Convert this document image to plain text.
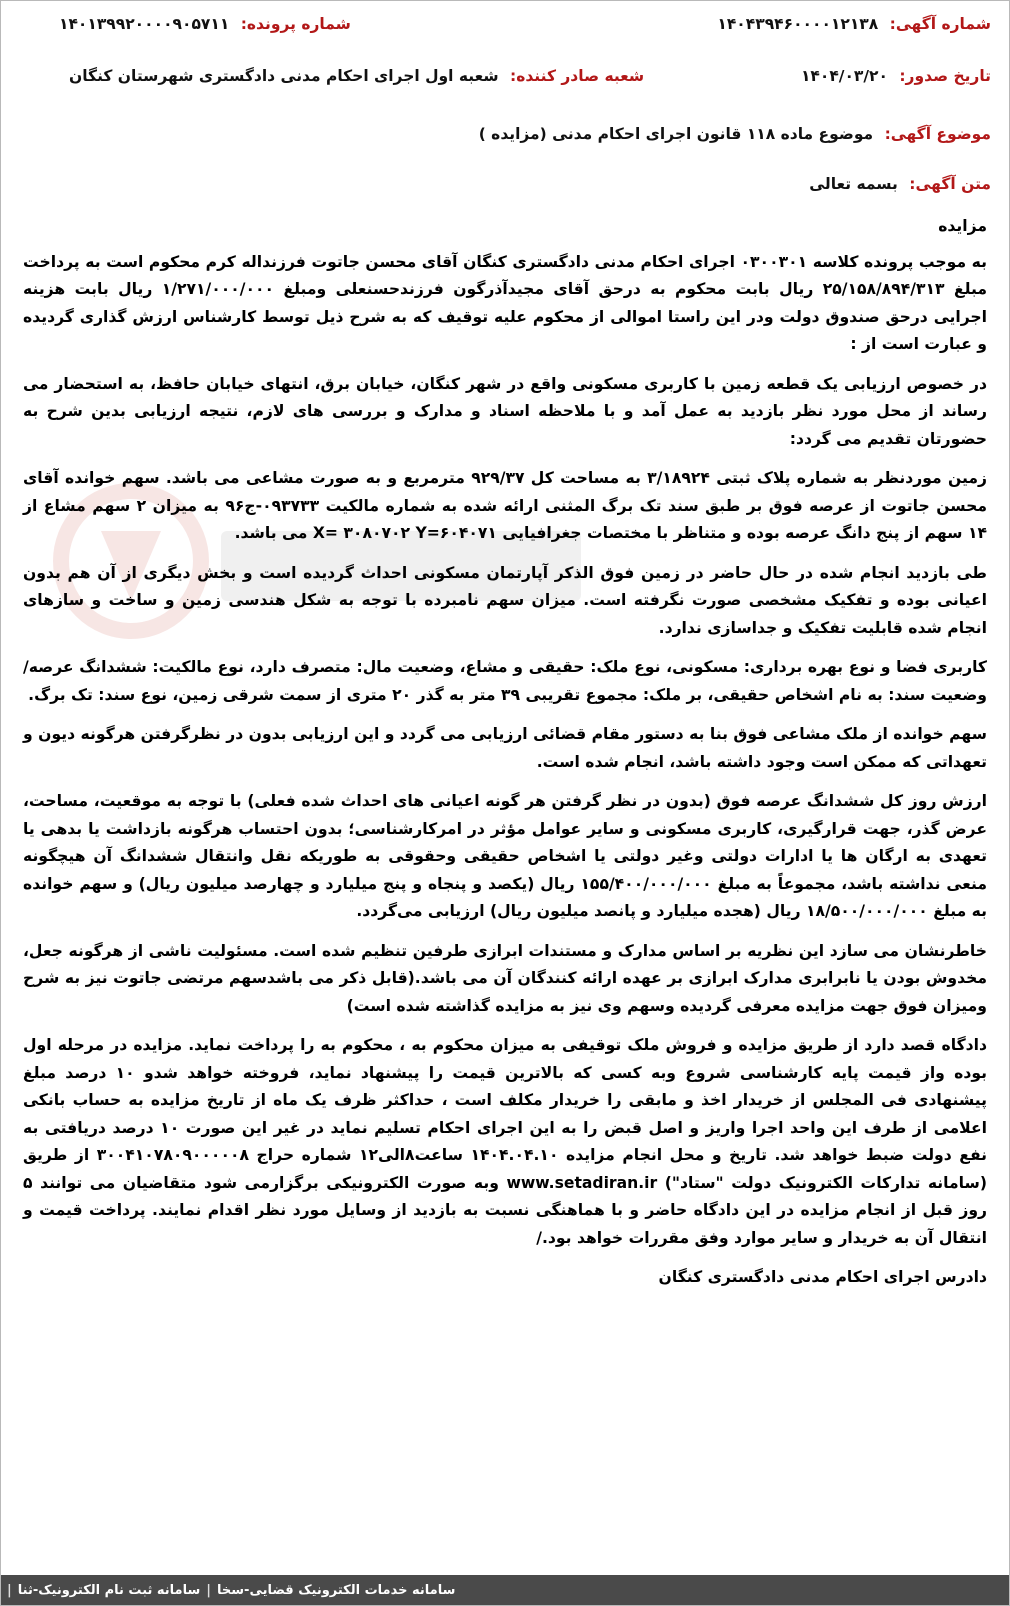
شماره آگهی: ۱۴۰۴۳۹۴۶۰۰۰۰۱۲۱۳۸
شماره پرونده: ۱۴۰۱۳۹۹۲۰۰۰۰۹۰۵۷۱۱
تاریخ صدور: ۱۴۰۴/۰۳/۲۰
شعبه صادر کننده: شعبه اول اجرای احکام مدنی دادگستری شهرستان کنگان
موضوع آگهی: موضوع ماده ۱۱۸ قانون اجرای احکام مدنی (مزایده )
متن آگهی: بسمه تعالی

مزایده

به موجب پرونده کلاسه ۰۳۰۰۳۰۱ اجرای احکام مدنی دادگستری کنگان آقای محسن جاتوت فرزنداله کرم محکوم است به پرداخت مبلغ ۲۵/۱۵۸/۸۹۴/۳۱۳ ریال بابت محکوم به درحق آقای مجیدآذرگون فرزندحسنعلی ومبلغ ۱/۲۷۱/۰۰۰/۰۰۰ ریال بابت هزینه اجرایی درحق صندوق دولت ودر این راستا اموالی از محکوم علیه توقیف که به شرح ذیل توسط کارشناس ارزش گذاری گردیده و عبارت است از :

در خصوص ارزیابی یک قطعه زمین با کاربری مسکونی واقع در شهر کنگان، خیابان برق، انتهای خیابان حافظ، به استحضار می رساند از محل مورد نظر بازدید به عمل آمد و با ملاحظه اسناد و مدارک و بررسی های لازم، نتیجه ارزیابی بدین شرح به حضورتان تقدیم می گردد:

زمین موردنظر به شماره پلاک ثبتی ۳/۱۸۹۲۴ به مساحت کل ۹۲۹/۳۷ مترمربع و به صورت مشاعی می باشد. سهم خوانده آقای محسن جاتوت از عرصه فوق بر طبق سند تک برگ المثنی ارائه شده به شماره مالکیت ۰۹۳۷۳۳-ج۹۶ به میزان ۲ سهم مشاع از ۱۴ سهم از پنج دانگ عرصه بوده و متناظر با مختصات جغرافیایی X= ۳۰۸۰۷۰۲ Y=۶۰۴۰۷۱ می باشد.

طی بازدید انجام شده در حال حاضر در زمین فوق الذکر آپارتمان مسکونی احداث گردیده است و بخش دیگری از آن هم بدون اعیانی بوده و تفکیک مشخصی صورت نگرفته است. میزان سهم نامبرده با توجه به شکل هندسی زمین و ساخت و سازهای انجام شده قابلیت تفکیک و جداسازی ندارد.

کاربری فضا و نوع بهره برداری: مسکونی، نوع ملک: حقیقی و مشاع، وضعیت مال: متصرف دارد، نوع مالکیت: ششدانگ عرصه/ وضعیت سند: به نام اشخاص حقیقی، بر ملک: مجموع تقریبی ۳۹ متر به گذر ۲۰ متری از سمت شرقی زمین، نوع سند: تک برگ.

سهم خوانده از ملک مشاعی فوق بنا به دستور مقام قضائی ارزیابی می گردد و این ارزیابی بدون در نظرگرفتن هرگونه دیون و تعهداتی که ممکن است وجود داشته باشد، انجام شده است.

ارزش روز کل ششدانگ عرصه فوق (بدون در نظر گرفتن هر گونه اعیانی های احداث شده فعلی) با توجه به موقعیت، مساحت، عرض گذر، جهت قرارگیری، کاربری مسکونی و سایر عوامل مؤثر در امرکارشناسی؛ بدون احتساب هرگونه بازداشت یا بدهی یا تعهدی به ارگان ها یا ادارات دولتی وغیر دولتی یا اشخاص حقیقی وحقوقی به طوریکه نقل وانتقال ششدانگ آن هیچگونه منعی نداشته باشد، مجموعاً به مبلغ ۱۵۵/۴۰۰/۰۰۰/۰۰۰ ریال (یکصد و پنجاه و پنج میلیارد و چهارصد میلیون ریال) و سهم خوانده به مبلغ ۱۸/۵۰۰/۰۰۰/۰۰۰ ریال (هجده میلیارد و پانصد میلیون ریال) ارزیابی می‌گردد.

خاطرنشان می سازد این نظریه بر اساس مدارک و مستندات ابرازی طرفین تنظیم شده است. مسئولیت ناشی از هرگونه جعل، مخدوش بودن یا نابرابری مدارک ابرازی بر عهده ارائه کنندگان آن می باشد.(قابل ذکر می باشدسهم مرتضی جاتوت نیز به شرح ومیزان فوق جهت مزایده معرفی گردیده وسهم وی نیز به مزایده گذاشته شده است)

دادگاه قصد دارد از طریق مزایده و فروش ملک توقیفی به میزان محکوم به ، محکوم به را پرداخت نماید. مزایده در مرحله اول بوده واز قیمت پایه کارشناسی شروع وبه کسی که بالاترین قیمت را پیشنهاد نماید، فروخته خواهد شدو ۱۰ درصد مبلغ پیشنهادی فی المجلس از خریدار اخذ و مابقی را خریدار مکلف است ، حداکثر ظرف یک ماه از تاریخ مزایده به حساب بانکی اعلامی از طرف این واحد اجرا واریز و اصل قبض را به این اجرای احکام تسلیم نماید در غیر این صورت ۱۰ درصد دریافتی به نفع دولت ضبط خواهد شد. تاریخ و محل انجام مزایده ۱۴۰۴.۰۴.۱۰ ساعت۸الی۱۲ شماره حراج ۳۰۰۴۱۰۷۸۰۹۰۰۰۰۰۸ از طریق (سامانه تدارکات الکترونیک دولت "ستاد") www.setadiran.ir وبه صورت الکترونیکی برگزارمی شود متقاضیان می توانند ۵ روز قبل از انجام مزایده در این دادگاه حاضر و با هماهنگی نسبت به بازدید از وسایل مورد نظر اقدام نمایند. پرداخت قیمت و انتقال آن به خریدار و سایر موارد وفق مقررات خواهد بود./

دادرس اجرای احکام مدنی دادگستری کنگان

سامانه خدمات الکترونیک قضایی-سخا
|
سامانه ثبت نام الکترونیک-ثنا
|
